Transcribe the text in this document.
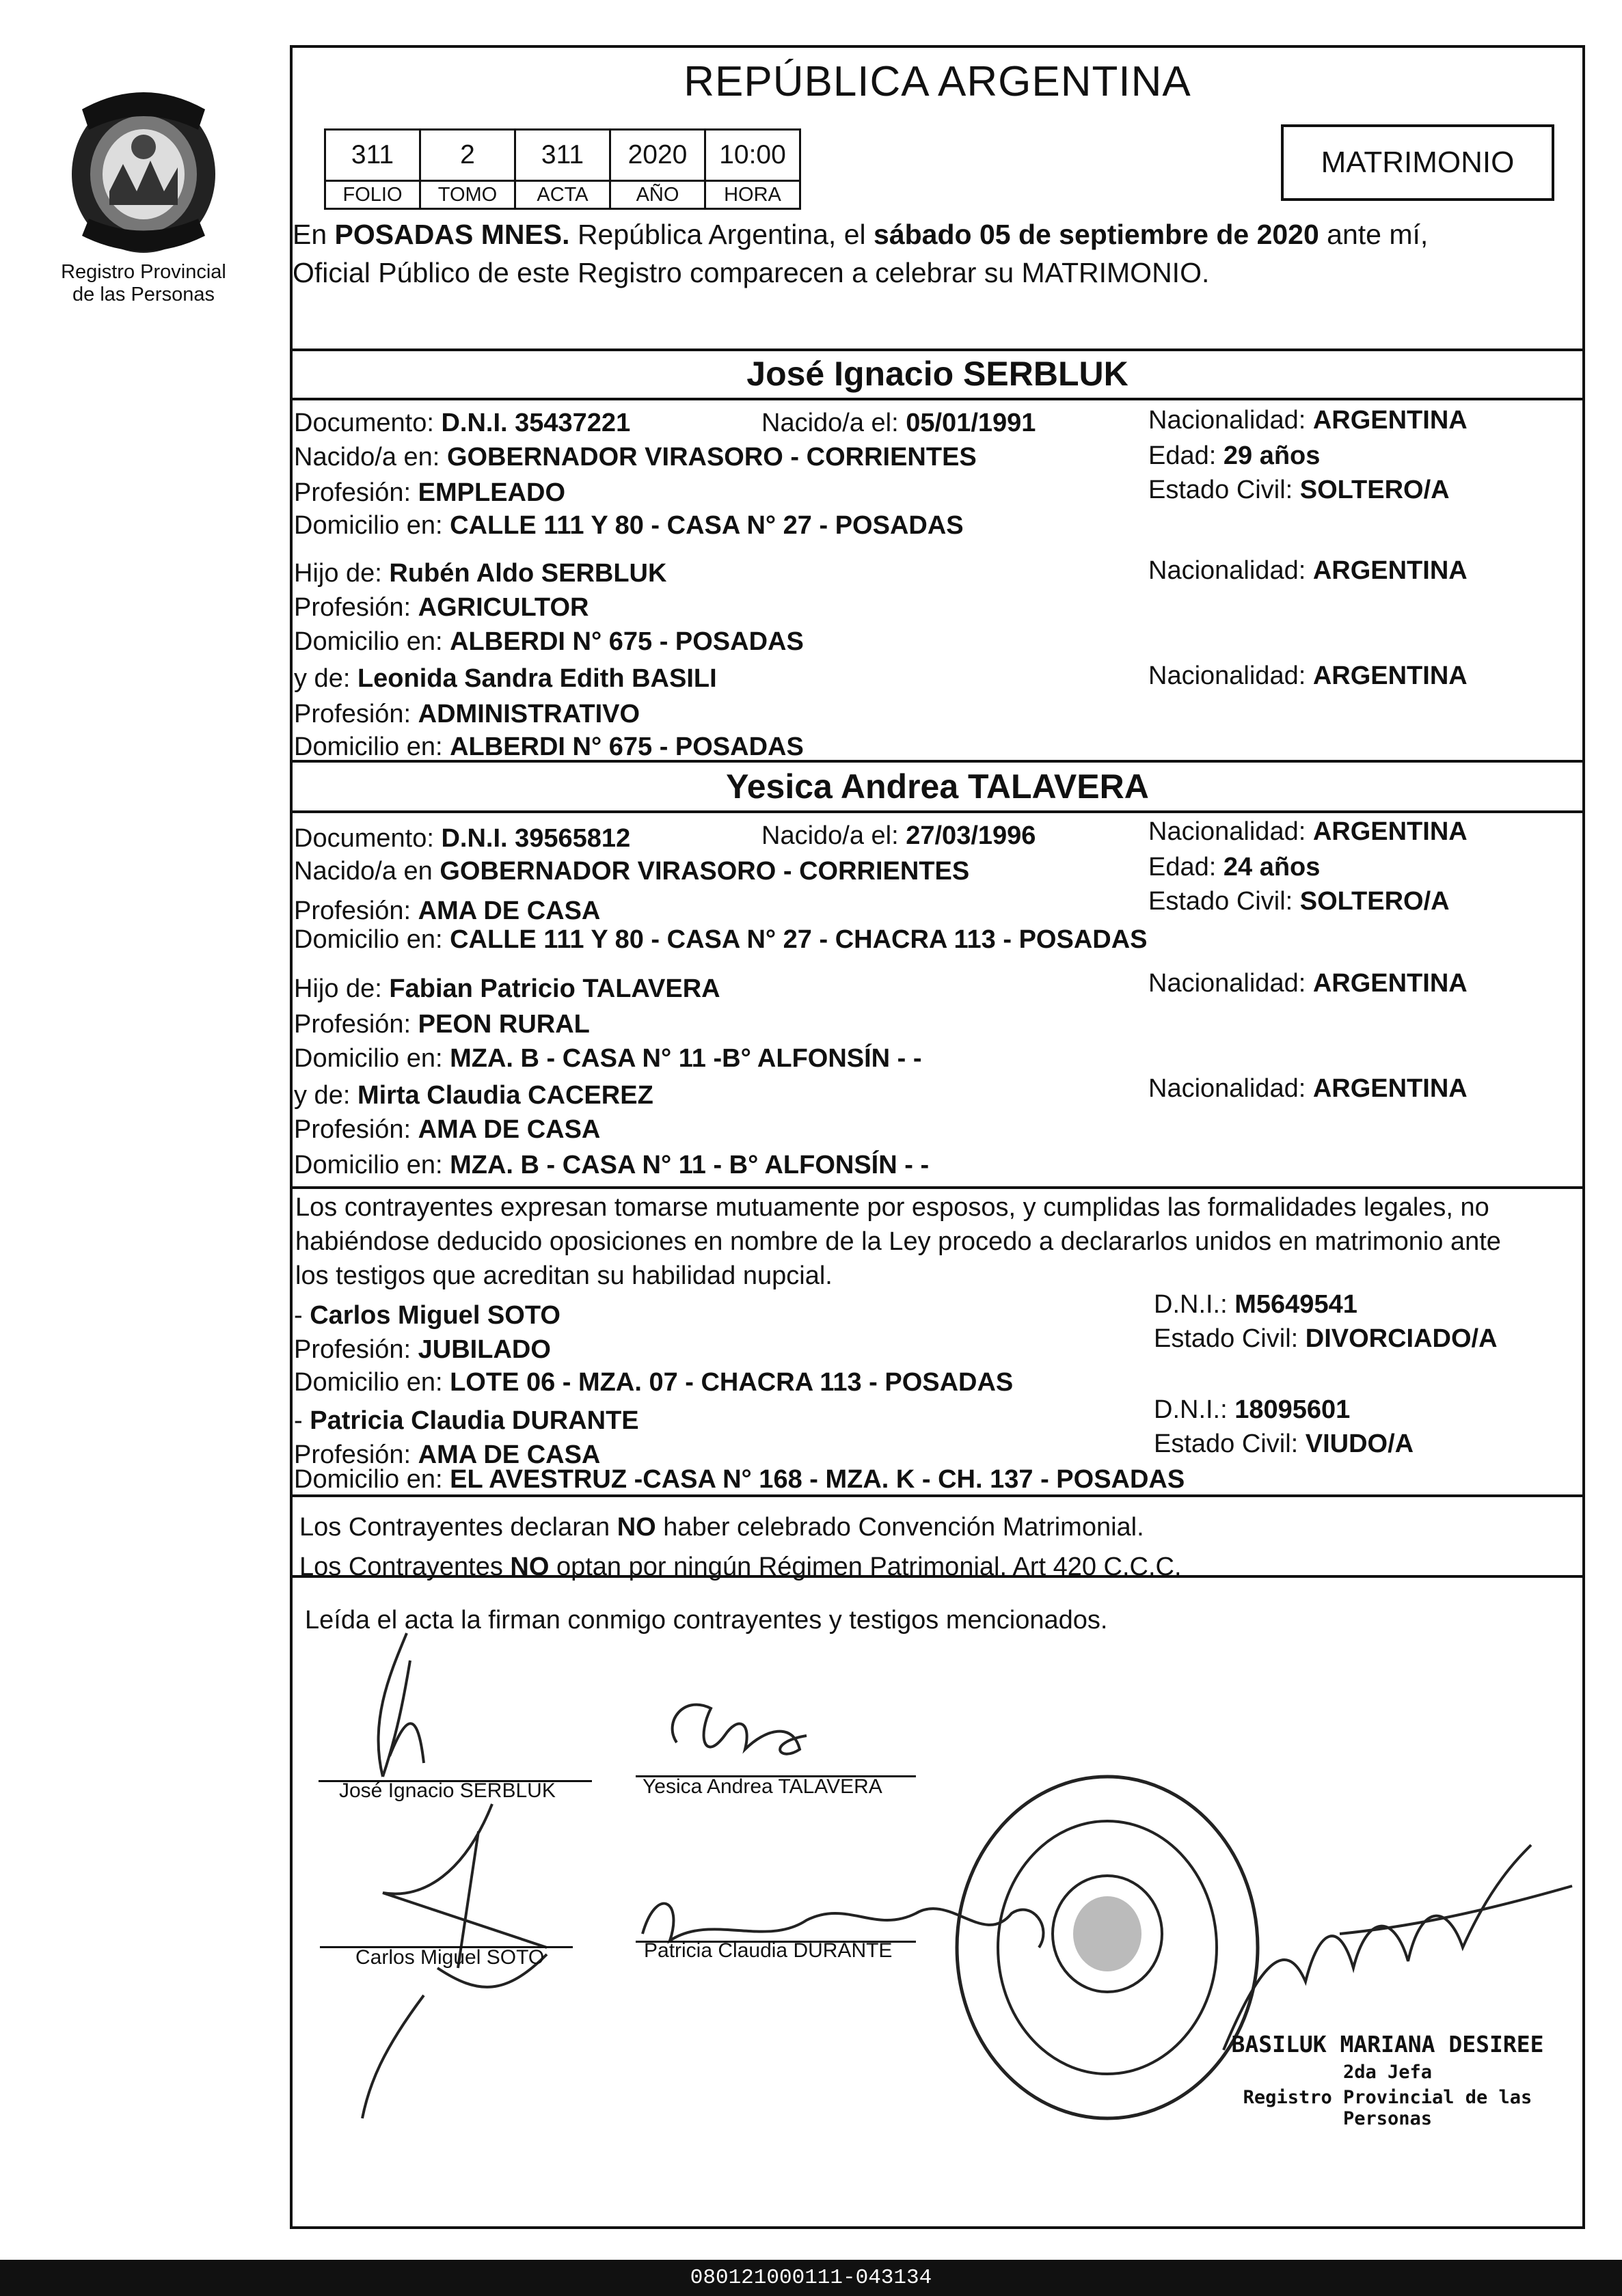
Registro Provincial
de las Personas
REPÚBLICA ARGENTINA
311	2	311	2020	10:00
FOLIO	TOMO	ACTA	AÑO	HORA
MATRIMONIO
En POSADAS MNES. República Argentina, el sábado 05 de septiembre de 2020 ante mí,
Oficial Público de este Registro comparecen a celebrar su MATRIMONIO.
José Ignacio SERBLUK
Documento: D.N.I. 35437221	Nacido/a el: 05/01/1991	Nacionalidad: ARGENTINA
Nacido/a en: GOBERNADOR VIRASORO - CORRIENTES	Edad: 29 años
Profesión: EMPLEADO	Estado Civil: SOLTERO/A
Domicilio en: CALLE 111 Y 80 - CASA N° 27 - POSADAS
Hijo de: Rubén Aldo SERBLUK	Nacionalidad: ARGENTINA
Profesión: AGRICULTOR
Domicilio en: ALBERDI N° 675 - POSADAS
y de: Leonida Sandra Edith BASILI	Nacionalidad: ARGENTINA
Profesión: ADMINISTRATIVO
Domicilio en: ALBERDI N° 675 - POSADAS
Yesica Andrea TALAVERA
Documento: D.N.I. 39565812	Nacido/a el: 27/03/1996	Nacionalidad: ARGENTINA
Nacido/a en GOBERNADOR VIRASORO - CORRIENTES	Edad: 24 años
Profesión: AMA DE CASA	Estado Civil: SOLTERO/A
Domicilio en: CALLE 111 Y 80 - CASA N° 27 - CHACRA 113 - POSADAS
Hijo de: Fabian Patricio TALAVERA	Nacionalidad: ARGENTINA
Profesión: PEON RURAL
Domicilio en: MZA. B - CASA N° 11 -B° ALFONSÍN - -
y de: Mirta Claudia CACEREZ	Nacionalidad: ARGENTINA
Profesión: AMA DE CASA
Domicilio en: MZA. B - CASA N° 11 - B° ALFONSÍN - -
Los contrayentes expresan tomarse mutuamente por esposos, y cumplidas las formalidades legales, no
habiéndose deducido oposiciones en nombre de la Ley procedo a declararlos unidos en matrimonio ante
los testigos que acreditan su habilidad nupcial.
- Carlos Miguel SOTO	D.N.I.: M5649541
Profesión: JUBILADO	Estado Civil: DIVORCIADO/A
Domicilio en: LOTE 06 - MZA. 07 - CHACRA 113 - POSADAS
- Patricia Claudia DURANTE	D.N.I.: 18095601
Profesión: AMA DE CASA	Estado Civil: VIUDO/A
Domicilio en: EL AVESTRUZ -CASA N° 168 - MZA. K - CH. 137 - POSADAS
Los Contrayentes declaran NO haber celebrado Convención Matrimonial.
Los Contrayentes NO optan por ningún Régimen Patrimonial. Art 420 C.C.C.
Leída el acta la firman conmigo contrayentes y testigos mencionados.
José Ignacio SERBLUK	Yesica Andrea TALAVERA
Carlos Miguel SOTO	Patricia Claudia DURANTE
BASILUK MARIANA DESIREE
2da Jefa
Registro Provincial de las Personas
080121000111-043134
